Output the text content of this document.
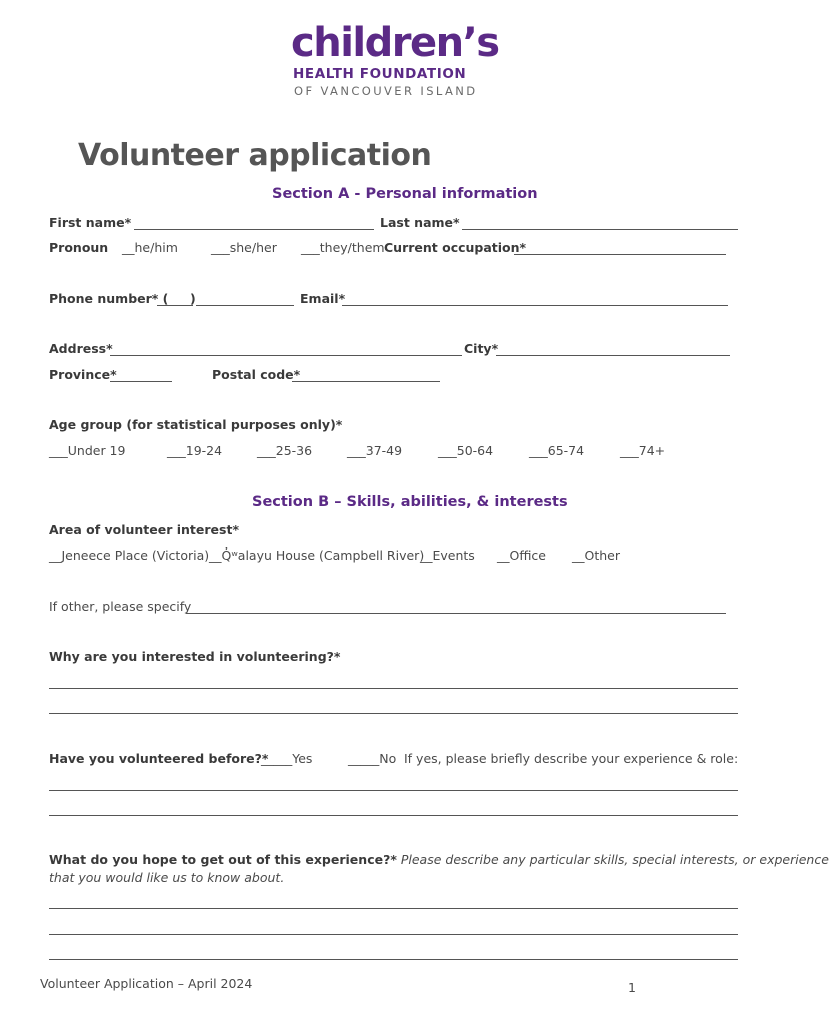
children’s
HEALTH FOUNDATION
OF VANCOUVER ISLAND
Volunteer application
Section A - Personal information
First name*	Last name*
Pronoun __he/him	___she/her ___they/them Current occupation*
Phone number* ( )	Email*
Address*	City*
Province*	Postal code*
Age group (for statistical purposes only)*
___Under 19	___19-24	___25-36	___37-49	___50-64	___65-74	___74+
Section B – Skills, abilities, & interests
Area of volunteer interest*
__Jeneece Place (Victoria) __Q̓ʷalayu House (Campbell River)
__Events __Office __Other
If other, please specify
Why are you interested in volunteering?*
Have you volunteered before?*
_____Yes	_____No If yes, please briefly describe your experience & role:
What do you hope to get out of this experience?* Please describe any particular skills, special interests, or experience
that you would like us to know about.
Volunteer Application – April 2024	1
